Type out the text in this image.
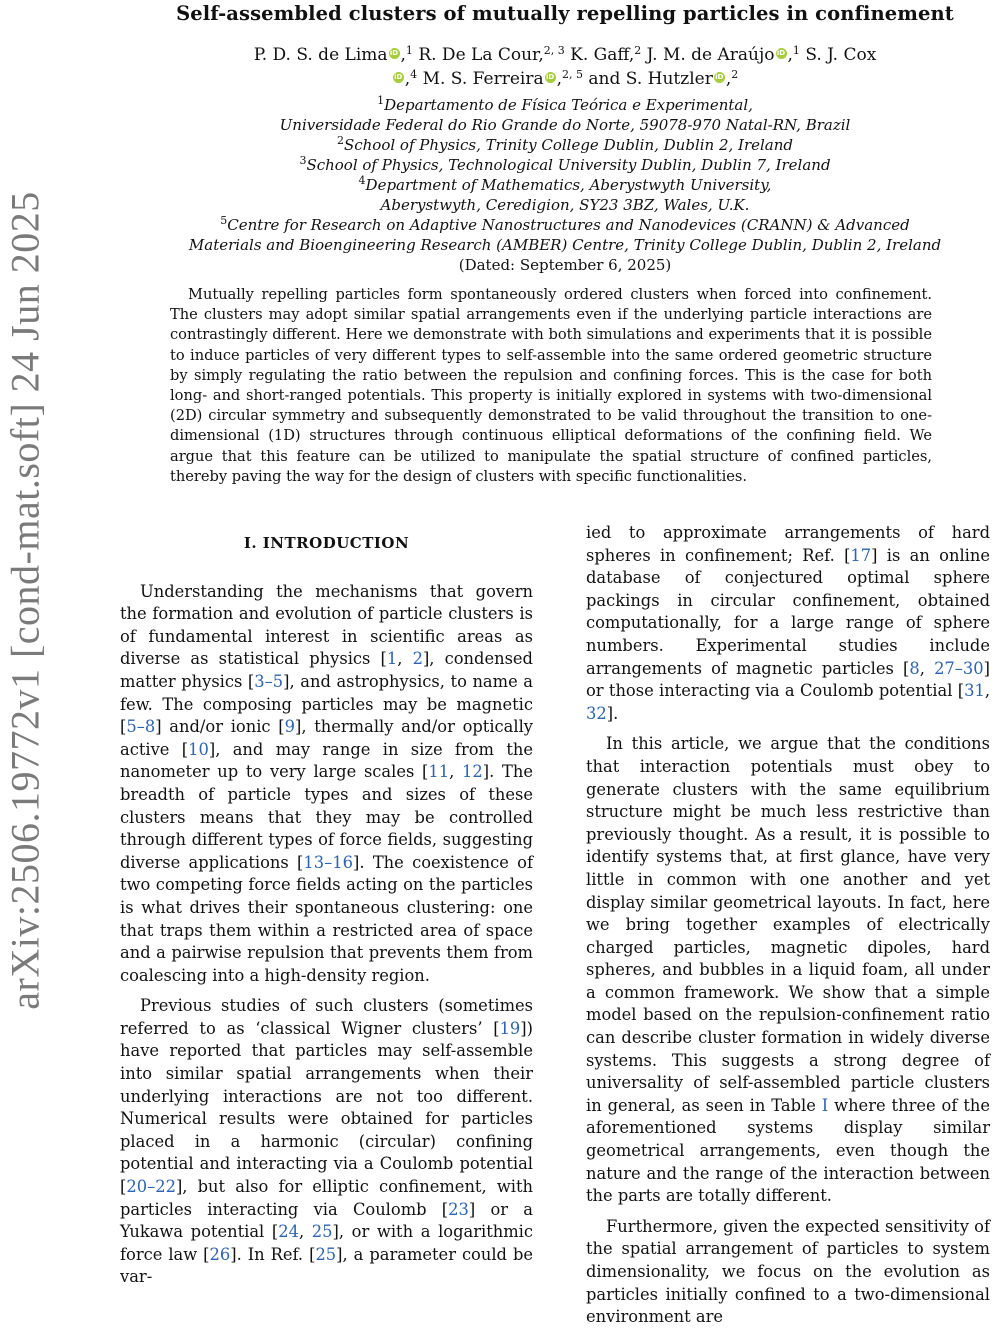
arXiv:2506.19772v1 [cond-mat.soft] 24 Jun 2025
Self-assembled clusters of mutually repelling particles in confinement
P. D. S. de Lima iD ,$^1$ R. De La Cour,$^{2, 3}$ K. Gaff,$^2$ J. M. de Araújo iD ,$^1$ S. J. CoxiD ,$^4$ M. S. Ferreira iD ,$^{2, 5}$ and S. Hutzler iD ,$^2$
$^1$Departamento de Física Teórica e Experimental,
Universidade Federal do Rio Grande do Norte, 59078-970 Natal-RN, Brazil
$^2$School of Physics, Trinity College Dublin, Dublin 2, Ireland
$^3$School of Physics, Technological University Dublin, Dublin 7, Ireland
$^4$Department of Mathematics, Aberystwyth University,
Aberystwyth, Ceredigion, SY23 3BZ, Wales, U.K.
$^5$Centre for Research on Adaptive Nanostructures and Nanodevices (CRANN) & Advanced
Materials and Bioengineering Research (AMBER) Centre, Trinity College Dublin, Dublin 2, Ireland
(Dated: September 6, 2025)
Mutually repelling particles form spontaneously ordered clusters when forced into confinement. The clusters may adopt similar spatial arrangements even if the underlying particle interactions are contrastingly different. Here we demonstrate with both simulations and experiments that it is possible to induce particles of very different types to self-assemble into the same ordered geometric structure by simply regulating the ratio between the repulsion and confining forces. This is the case for both long- and short-ranged potentials. This property is initially explored in systems with two-dimensional (2D) circular symmetry and subsequently demonstrated to be valid throughout the transition to one-dimensional (1D) structures through continuous elliptical deformations of the confining field. We argue that this feature can be utilized to manipulate the spatial structure of confined particles, thereby paving the way for the design of clusters with specific functionalities.
I. INTRODUCTION

Understanding the mechanisms that govern the formation and evolution of particle clusters is of fundamental interest in scientific areas as diverse as statistical physics [1, 2], condensed matter physics [3–5], and astrophysics, to name a few. The composing particles may be magnetic [5–8] and/or ionic [9], thermally and/or optically active [10], and may range in size from the nanometer up to very large scales [11, 12]. The breadth of particle types and sizes of these clusters means that they may be controlled through different types of force fields, suggesting diverse applications [13–16]. The coexistence of two competing force fields acting on the particles is what drives their spontaneous clustering: one that traps them within a restricted area of space and a pairwise repulsion that prevents them from coalescing into a high-density region.

Previous studies of such clusters (sometimes referred to as ‘classical Wigner clusters’ [19]) have reported that particles may self-assemble into similar spatial arrangements when their underlying interactions are not too different. Numerical results were obtained for particles placed in a harmonic (circular) confining potential and interacting via a Coulomb potential [20–22], but also for elliptic confinement, with particles interacting via Coulomb [23] or a Yukawa potential [24, 25], or with a logarithmic force law [26]. In Ref. [25], a parameter could be var-

ied to approximate arrangements of hard spheres in confinement; Ref. [17] is an online database of conjectured optimal sphere packings in circular confinement, obtained computationally, for a large range of sphere numbers. Experimental studies include arrangements of magnetic particles [8, 27–30] or those interacting via a Coulomb potential [31, 32].

In this article, we argue that the conditions that interaction potentials must obey to generate clusters with the same equilibrium structure might be much less restrictive than previously thought. As a result, it is possible to identify systems that, at first glance, have very little in common with one another and yet display similar geometrical layouts. In fact, here we bring together examples of electrically charged particles, magnetic dipoles, hard spheres, and bubbles in a liquid foam, all under a common framework. We show that a simple model based on the repulsion-confinement ratio can describe cluster formation in widely diverse systems. This suggests a strong degree of universality of self-assembled particle clusters in general, as seen in Table I where three of the aforementioned systems display similar geometrical arrangements, even though the nature and the range of the interaction between the parts are totally different.

Furthermore, given the expected sensitivity of the spatial arrangement of particles to system dimensionality, we focus on the evolution as particles initially confined to a two-dimensional environment are
